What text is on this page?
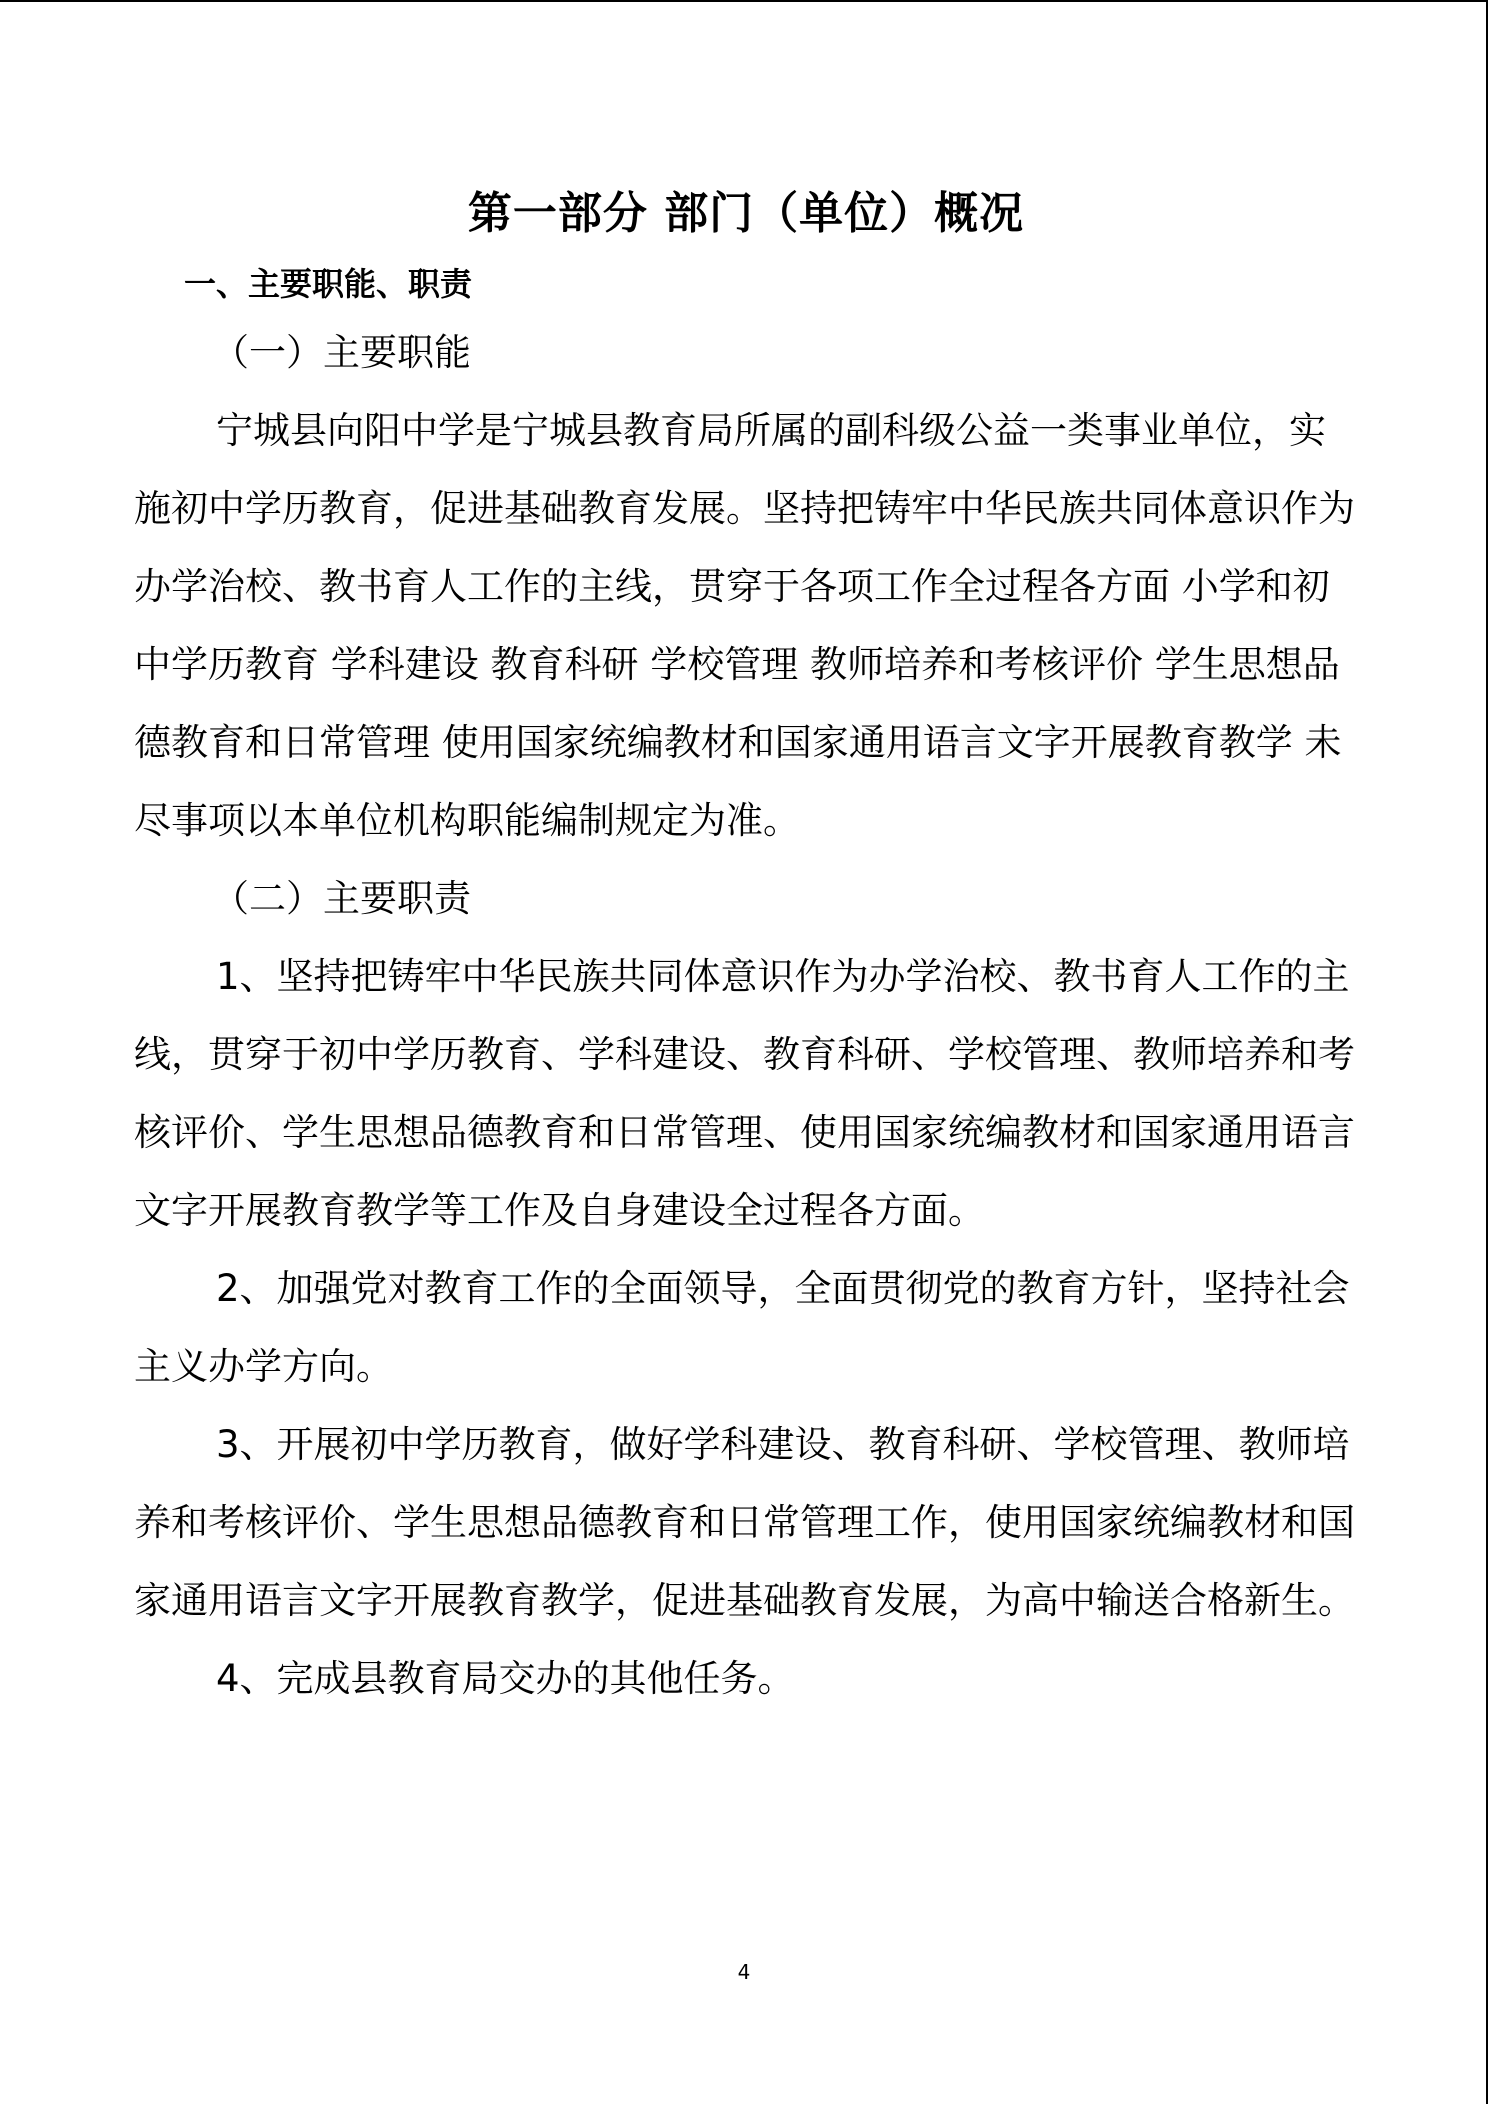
第一部分 部门（单位）概况

一、主要职能、职责

（一）主要职能

宁城县向阳中学是宁城县教育局所属的副科级公益一类事业单位，实施初中学历教育，促进基础教育发展。坚持把铸牢中华民族共同体意识作为办学治校、教书育人工作的主线，贯穿于各项工作全过程各方面 小学和初中学历教育 学科建设 教育科研 学校管理 教师培养和考核评价 学生思想品德教育和日常管理 使用国家统编教材和国家通用语言文字开展教育教学 未尽事项以本单位机构职能编制规定为准。

（二）主要职责

1、坚持把铸牢中华民族共同体意识作为办学治校、教书育人工作的主线，贯穿于初中学历教育、学科建设、教育科研、学校管理、教师培养和考核评价、学生思想品德教育和日常管理、使用国家统编教材和国家通用语言文字开展教育教学等工作及自身建设全过程各方面。

2、加强党对教育工作的全面领导，全面贯彻党的教育方针，坚持社会主义办学方向。

3、开展初中学历教育，做好学科建设、教育科研、学校管理、教师培养和考核评价、学生思想品德教育和日常管理工作，使用国家统编教材和国家通用语言文字开展教育教学，促进基础教育发展，为高中输送合格新生。

4、完成县教育局交办的其他任务。

4
